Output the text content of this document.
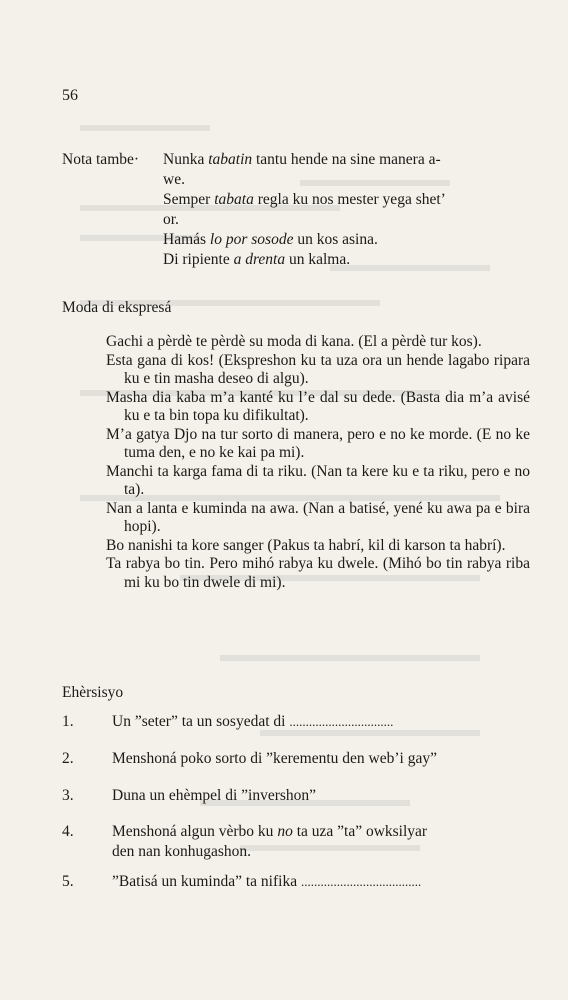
56
Nota tambe· Nunka tabatin tantu hende na sine manera a-
we.
Semper tabata regla ku nos mester yega shet’
or.
Hamás lo por sosode un kos asina.
Di ripiente a drenta un kalma.
Moda di ekspresá

Gachi a pèrdè te pèrdè su moda di kana. (El a pèrdè tur kos).

Esta gana di kos! (Ekspreshon ku ta uza ora un hende lagabo ripara ku e tin masha deseo di algu).

Masha dia kaba m’a kanté ku l’e dal su dede. (Basta dia m’a avisé ku e ta bin topa ku difikultat).

M’a gatya Djo na tur sorto di manera, pero e no ke morde. (E no ke tuma den, e no ke kai pa mi).

Manchi ta karga fama di ta riku. (Nan ta kere ku e ta riku, pero e no ta).

Nan a lanta e kuminda na awa. (Nan a batisé, yené ku awa pa e bira hopi).

Bo nanishi ta kore sanger (Pakus ta habrí, kil di karson ta habrí).

Ta rabya bo tin. Pero mihó rabya ku dwele. (Mihó bo tin rabya riba mi ku bo tin dwele di mi).

Ehèrsisyo
1.	Un ”seter” ta un sosyedat di ................................
2.	Menshoná poko sorto di ”kerementu den web’i gay”
3.	Duna un ehèmpel di ”invershon”
4.	Menshoná algun vèrbo ku no ta uza ”ta” owksilyar
den nan konhugashon.
5.	”Batisá un kuminda” ta nifika .....................................
